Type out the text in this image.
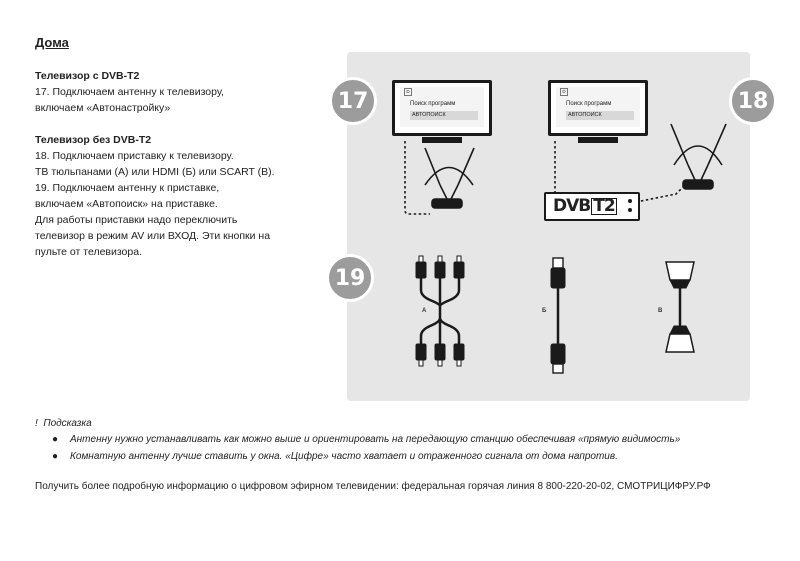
Дома
Телевизор с DVB-T2
17. Подключаем антенну к телевизору,
включаем «Автонастройку»
Телевизор без DVB-T2
18. Подключаем приставку к телевизору.
ТВ тюльпанами (А) или HDMI (Б) или SCART (В).
19. Подключаем антенну к приставке,
включаем «Автопоиск» на приставке.
Для работы приставки надо переключить
телевизор в режим AV или ВХОД. Эти кнопки на
пульте от телевизора.
17	18
19
D
Поиск программ
АВТОПОИСК
D
Поиск программ
АВТОПОИСК
DVB T2
А	Б	В
! Подсказка
● Антенну нужно устанавливать как можно выше и ориентировать на передающую станцию обеспечивая «прямую видимость»
● Комнатную антенну лучше ставить у окна. «Цифре» часто хватает и отраженного сигнала от дома напротив.
Получить более подробную информацию о цифровом эфирном телевидении: федеральная горячая линия 8 800-220-20-02, СМОТРИЦИФРУ.РФ
